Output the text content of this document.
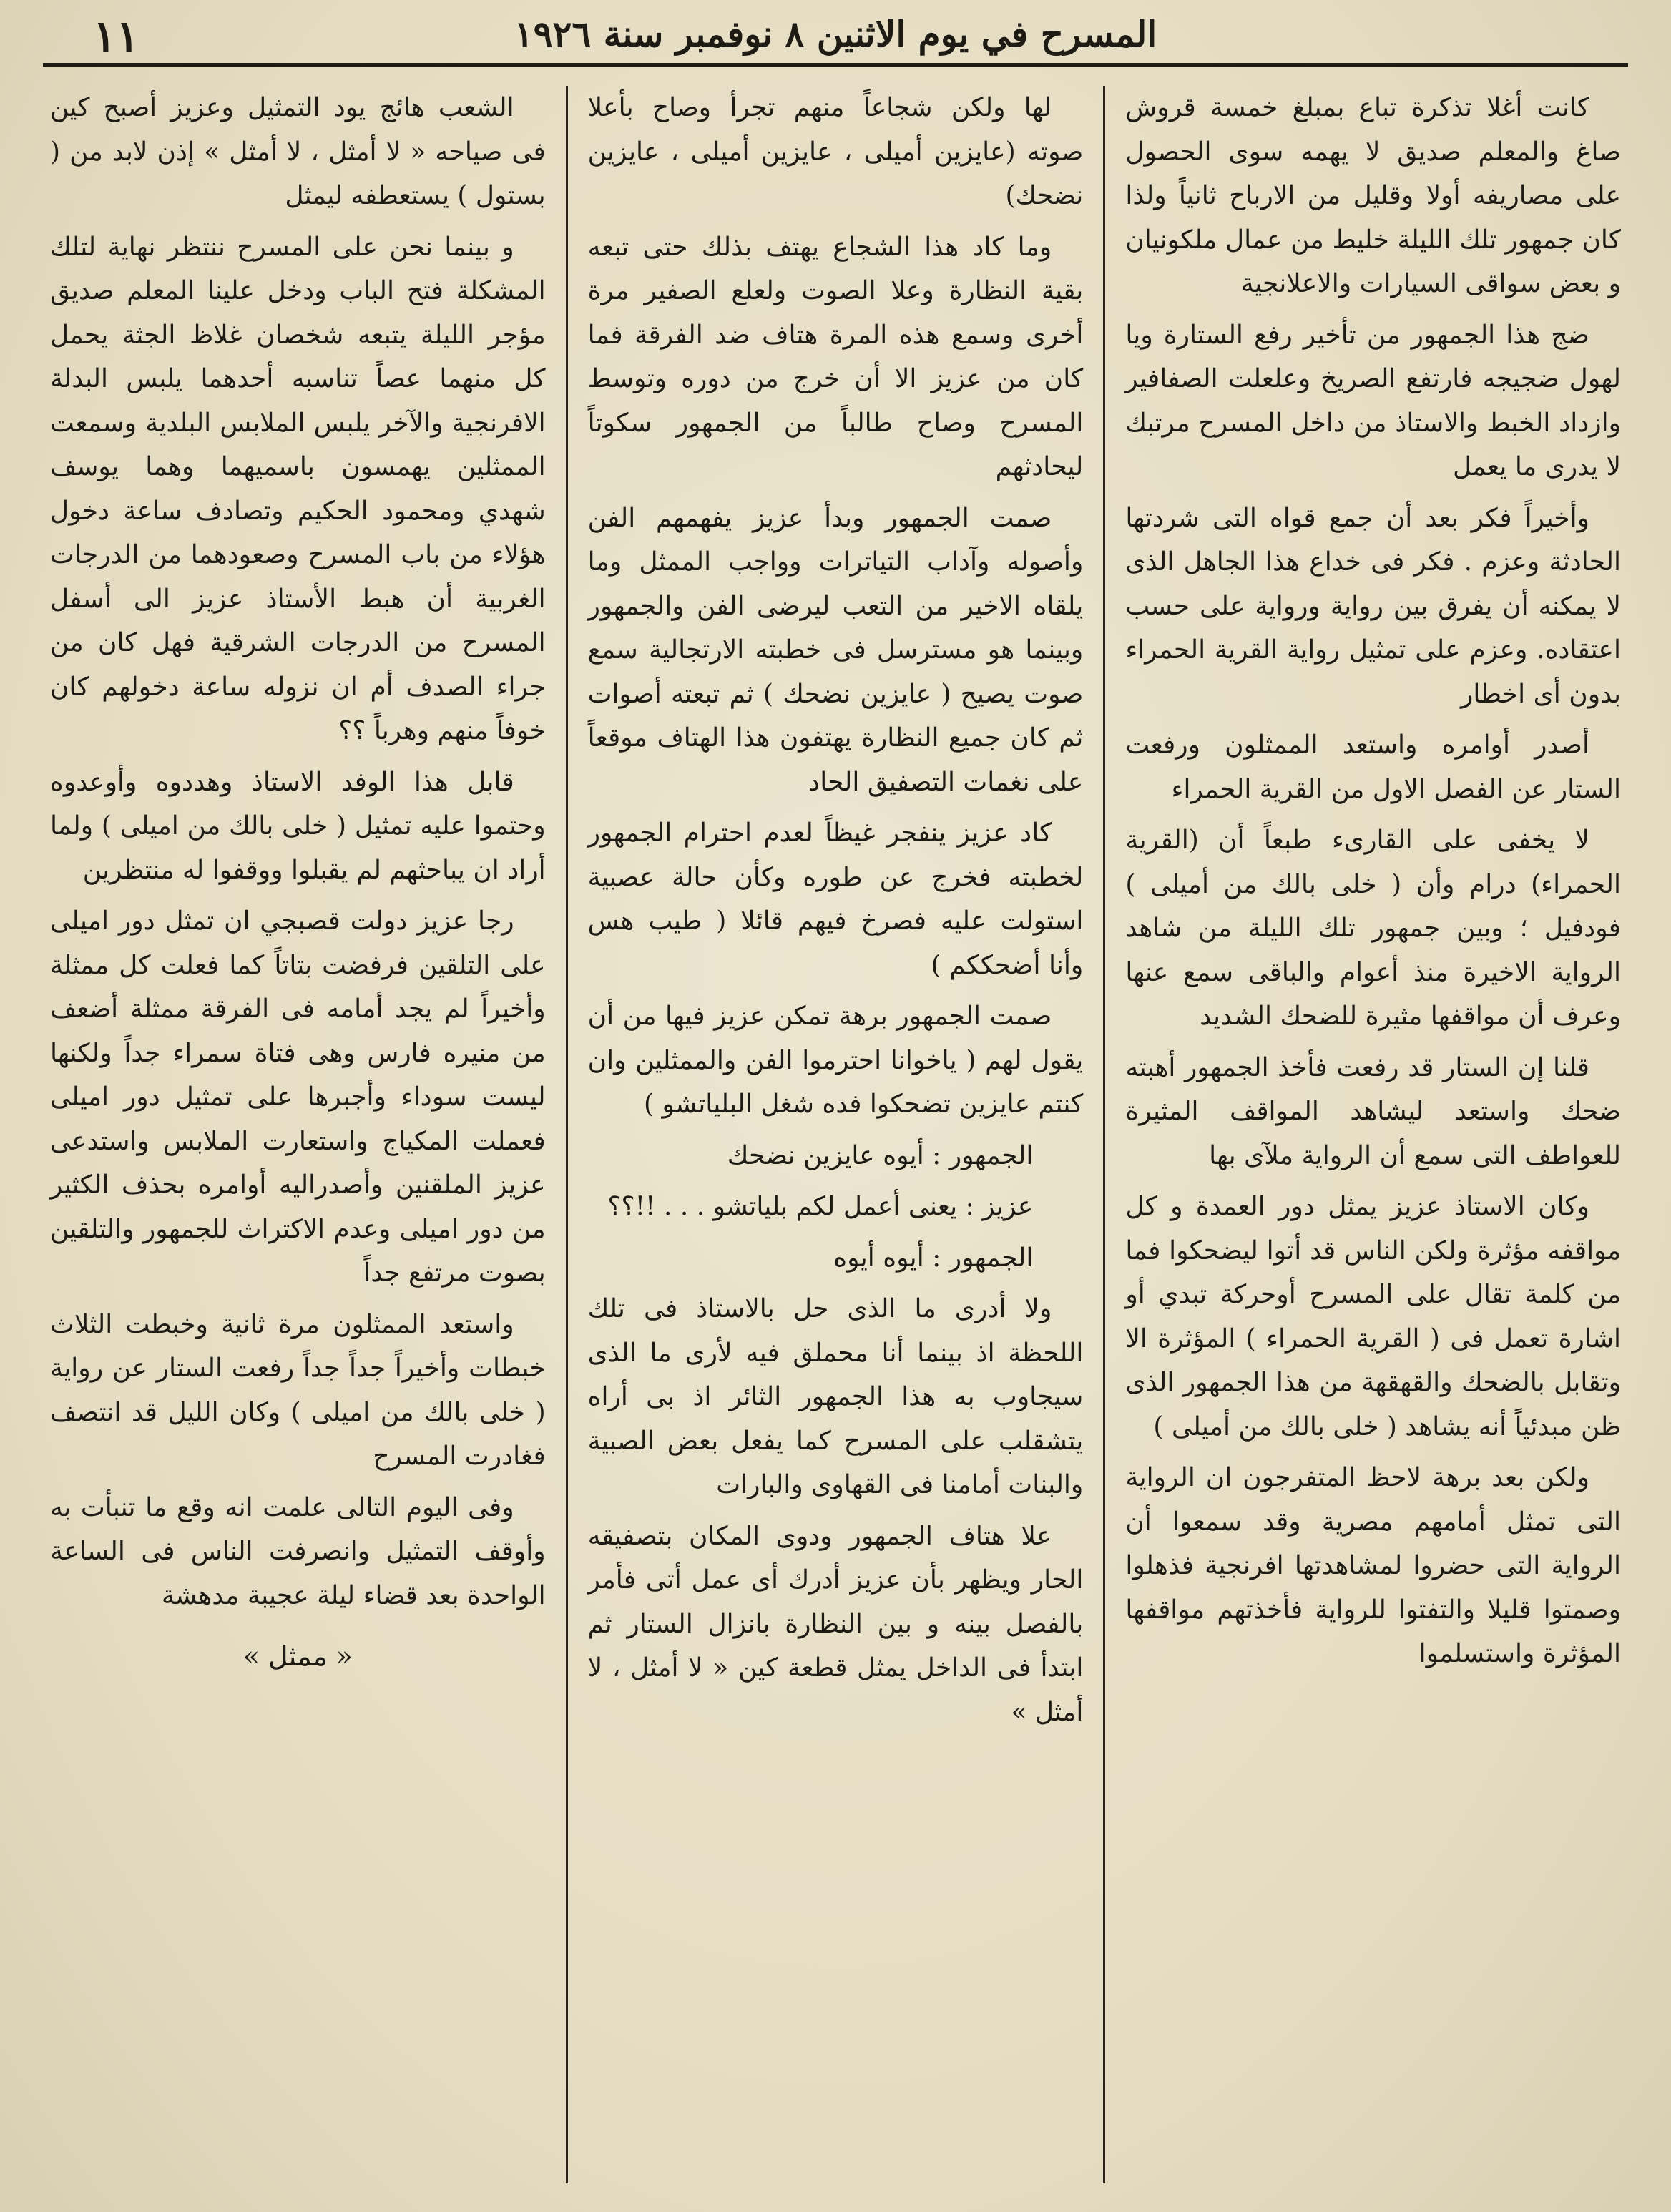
١١	المسرح في يوم الاثنين ٨ نوفمبر سنة ١٩٢٦

كانت أغلا تذكرة تباع بمبلغ خمسة قروش صاغ والمعلم صديق لا يهمه سوى الحصول على مصاريفه أولا وقليل من الارباح ثانياً ولذا كان جمهور تلك الليلة خليط من عمال ملكونيان و بعض سواقى السيارات والاعلانجية

ضج هذا الجمهور من تأخير رفع الستارة ويا لهول ضجيجه فارتفع الصريخ وعلعلت الصفافير وازداد الخبط والاستاذ من داخل المسرح مرتبك لا يدرى ما يعمل

وأخيراً فكر بعد أن جمع قواه التى شردتها الحادثة وعزم . فكر فى خداع هذا الجاهل الذى لا يمكنه أن يفرق بين رواية ورواية على حسب اعتقاده. وعزم على تمثيل رواية القرية الحمراء بدون أى اخطار

أصدر أوامره واستعد الممثلون ورفعت الستار عن الفصل الاول من القرية الحمراء

لا يخفى على القارىء طبعاً أن (القرية الحمراء) درام وأن ( خلى بالك من أميلى ) فودفيل ؛ وبين جمهور تلك الليلة من شاهد الرواية الاخيرة منذ أعوام والباقى سمع عنها وعرف أن مواقفها مثيرة للضحك الشديد

قلنا إن الستار قد رفعت فأخذ الجمهور أهبته ضحك واستعد ليشاهد المواقف المثيرة للعواطف التى سمع أن الرواية ملآى بها

وكان الاستاذ عزيز يمثل دور العمدة و كل مواقفه مؤثرة ولكن الناس قد أتوا ليضحكوا فما من كلمة تقال على المسرح أوحركة تبدي أو اشارة تعمل فى ( القرية الحمراء ) المؤثرة الا وتقابل بالضحك والقهقهة من هذا الجمهور الذى ظن مبدئياً أنه يشاهد ( خلى بالك من أميلى )

ولكن بعد برهة لاحظ المتفرجون ان الرواية التى تمثل أمامهم مصرية وقد سمعوا أن الرواية التى حضروا لمشاهدتها افرنجية فذهلوا وصمتوا قليلا والتفتوا للرواية فأخذتهم مواقفها المؤثرة واستسلموا

لها ولكن شجاعاً منهم تجرأ وصاح بأعلا صوته (عايزين أميلى ، عايزين أميلى ، عايزين نضحك)

وما كاد هذا الشجاع يهتف بذلك حتى تبعه بقية النظارة وعلا الصوت ولعلع الصفير مرة أخرى وسمع هذه المرة هتاف ضد الفرقة فما كان من عزيز الا أن خرج من دوره وتوسط المسرح وصاح طالباً من الجمهور سكوتاً ليحادثهم

صمت الجمهور وبدأ عزيز يفهمهم الفن وأصوله وآداب التياترات وواجب الممثل وما يلقاه الاخير من التعب ليرضى الفن والجمهور وبينما هو مسترسل فى خطبته الارتجالية سمع صوت يصيح ( عايزين نضحك ) ثم تبعته أصوات ثم كان جميع النظارة يهتفون هذا الهتاف موقعاً على نغمات التصفيق الحاد

كاد عزيز ينفجر غيظاً لعدم احترام الجمهور لخطبته فخرج عن طوره وكأن حالة عصبية استولت عليه فصرخ فيهم قائلا ( طيب هس وأنا أضحككم )

صمت الجمهور برهة تمكن عزيز فيها من أن يقول لهم ( ياخوانا احترموا الفن والممثلين وان كنتم عايزين تضحكوا فده شغل البلياتشو )

الجمهور : أيوه عايزين نضحك

عزيز : يعنى أعمل لكم بلياتشو . . . !!؟؟

الجمهور : أيوه أيوه

ولا أدرى ما الذى حل بالاستاذ فى تلك اللحظة اذ بينما أنا محملق فيه لأرى ما الذى سيجاوب به هذا الجمهور الثائر اذ بى أراه يتشقلب على المسرح كما يفعل بعض الصبية والبنات أمامنا فى القهاوى والبارات

علا هتاف الجمهور ودوى المكان بتصفيقه الحار ويظهر بأن عزيز أدرك أى عمل أتى فأمر بالفصل بينه و بين النظارة بانزال الستار ثم ابتدأ فى الداخل يمثل قطعة كين « لا أمثل ، لا أمثل »

الشعب هائج يود التمثيل وعزيز أصبح كين فى صياحه « لا أمثل ، لا أمثل » إذن لابد من ( بستول ) يستعطفه ليمثل

و بينما نحن على المسرح ننتظر نهاية لتلك المشكلة فتح الباب ودخل علينا المعلم صديق مؤجر الليلة يتبعه شخصان غلاظ الجثة يحمل كل منهما عصاً تناسبه أحدهما يلبس البدلة الافرنجية والآخر يلبس الملابس البلدية وسمعت الممثلين يهمسون باسميهما وهما يوسف شهدي ومحمود الحكيم وتصادف ساعة دخول هؤلاء من باب المسرح وصعودهما من الدرجات الغربية أن هبط الأستاذ عزيز الى أسفل المسرح من الدرجات الشرقية فهل كان من جراء الصدف أم ان نزوله ساعة دخولهم كان خوفاً منهم وهرباً ؟؟

قابل هذا الوفد الاستاذ وهددوه وأوعدوه وحتموا عليه تمثيل ( خلى بالك من اميلى ) ولما أراد ان يباحثهم لم يقبلوا ووقفوا له منتظرين

رجا عزيز دولت قصبجي ان تمثل دور اميلى على التلقين فرفضت بتاتاً كما فعلت كل ممثلة وأخيراً لم يجد أمامه فى الفرقة ممثلة أضعف من منيره فارس وهى فتاة سمراء جداً ولكنها ليست سوداء وأجبرها على تمثيل دور اميلى فعملت المكياج واستعارت الملابس واستدعى عزيز الملقنين وأصدراليه أوامره بحذف الكثير من دور اميلى وعدم الاكتراث للجمهور والتلقين بصوت مرتفع جداً

واستعد الممثلون مرة ثانية وخبطت الثلاث خبطات وأخيراً جداً جداً رفعت الستار عن رواية ( خلى بالك من اميلى ) وكان الليل قد انتصف فغادرت المسرح

وفى اليوم التالى علمت انه وقع ما تنبأت به وأوقف التمثيل وانصرفت الناس فى الساعة الواحدة بعد قضاء ليلة عجيبة مدهشة

« ممثل »
